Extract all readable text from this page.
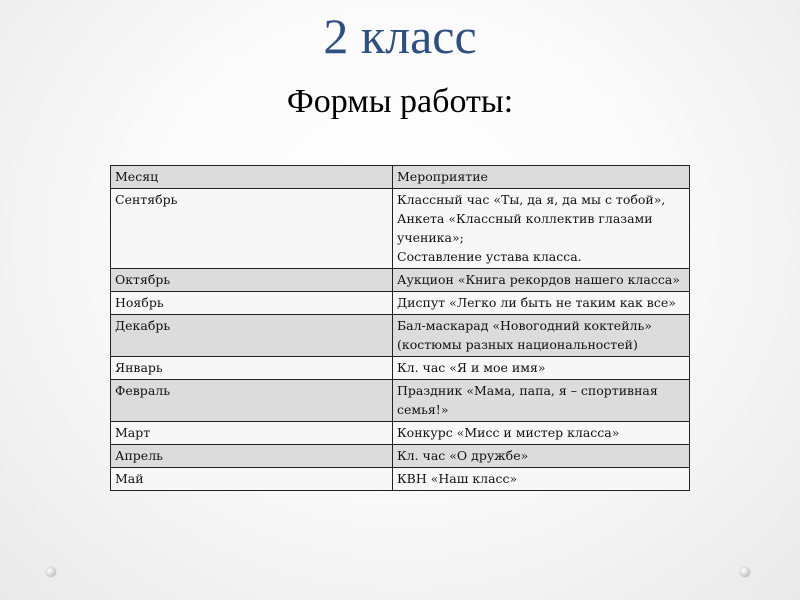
2 класс
Формы работы:
Месяц	Мероприятие
Сентябрь	Классный час «Ты, да я, да мы с тобой», Анкета «Классный коллектив глазами ученика»;
Составление устава класса.

Октябрь	Аукцион «Книга рекордов нашего класса»

Ноябрь	Диспут «Легко ли быть не таким как все»

Декабрь	Бал-маскарад «Новогодний коктейль» (костюмы разных национальностей)

Январь	Кл. час «Я и мое имя»

Февраль	Праздник «Мама, папа, я – спортивная семья!»

Март	Конкурс «Мисс и мистер класса»

Апрель	Кл. час «О дружбе»

Май	КВН «Наш класс»
